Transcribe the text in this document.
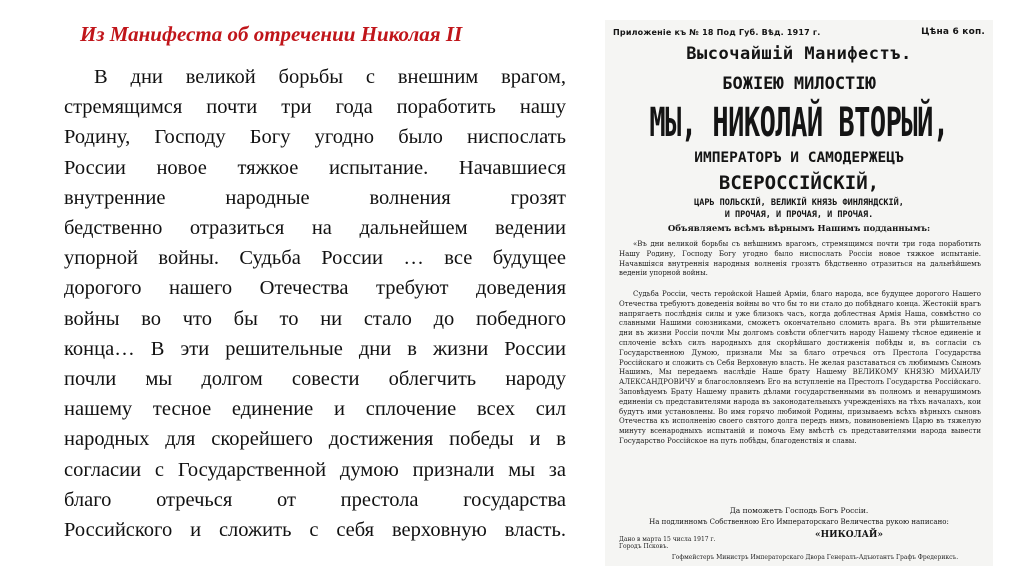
Из Манифеста об отречении Николая II
В дни великой борьбы с внешним врагом,
стремящимся почти три года поработить нашу
Родину, Господу Богу угодно было ниспослать
России новое тяжкое испытание. Начавшиеся
внутренние народные волнения грозят
бедственно отразиться на дальнейшем ведении
упорной войны. Судьба России … все будущее
дорогого нашего Отечества требуют доведения
войны во что бы то ни стало до победного
конца… В эти решительные дни в жизни России
почли мы долгом совести облегчить народу
нашему тесное единение и сплочение всех сил
народных для скорейшего достижения победы и в
согласии с Государственной думою признали мы за
благо отречься от престола государства
Российского и сложить с себя верховную власть.
Приложенiе къ № 18 Под Губ. Вѣд. 1917 г.	Цѣна 6 коп.
Высочайшiй Манифестъ.
БОЖIЕЮ МИЛОСТIЮ
МЫ, НИКОЛАЙ ВТОРЫЙ,
ИМПЕРАТОРЪ И САМОДЕРЖЕЦЪ
ВСЕРОССIЙСКIЙ,
ЦАРЬ ПОЛЬСКIЙ, ВЕЛИКIЙ КНЯЗЬ ФИНЛЯНДСКIЙ,
И ПРОЧАЯ, И ПРОЧАЯ, И ПРОЧАЯ.
Объявляемъ всѣмъ вѣрнымъ Нашимъ подданнымъ:
«Въ дни великой борьбы съ внѣшнимъ врагомъ, стремящимся почти три года поработить Нашу Родину, Господу Богу угодно было ниспослать Россiи новое тяжкое испытанiе. Начавшiяся внутреннiя народныя волненiя грозятъ бѣдственно отразиться на дальнѣйшемъ веденiи упорной войны.
Судьба Россiи, честь геройской Нашей Армiи, благо народа, все будущее дорогого Нашего Отечества требуютъ доведенiя войны во что бы то ни стало до побѣднаго конца. Жестокiй врагъ напрягаетъ послѣднiя силы и уже близокъ часъ, когда доблестная Армiя Наша, совмѣстно со славными Нашими союзниками, сможетъ окончательно сломить врага. Въ эти рѣшительные дни въ жизни Россiи почли Мы долгомъ совѣсти облегчить народу Нашему тѣсное единенiе и сплоченiе всѣхъ силъ народныхъ для скорѣйшаго достиженiя побѣды и, въ согласiи съ Государственною Думою, признали Мы за благо отречься отъ Престола Государства Россiйскаго и сложить съ Себя Верховную власть. Не желая разставаться съ любимымъ Сыномъ Нашимъ, Мы передаемъ наслѣдiе Наше брату Нашему ВЕЛИКОМУ КНЯЗЮ МИХАИЛУ АЛЕКСАНДРОВИЧУ и благословляемъ Его на вступленiе на Престолъ Государства Россiйскаго. Заповѣдуемъ Брату Нашему править дѣлами государственными въ полномъ и ненарушимомъ единенiи съ представителями народа въ законодательныхъ учрежденiяхъ на тѣхъ началахъ, кои будутъ ими установлены. Во имя горячо любимой Родины, призываемъ всѣхъ вѣрныхъ сыновъ Отечества къ исполненiю своего святого долга передъ нимъ, повиновенiемъ Царю въ тяжелую минуту всенародныхъ испытанiй и помочь Ему вмѣстѣ съ представителями народа вывести Государство Россiйское на путь побѣды, благоденствiя и славы.
Да поможетъ Господь Богъ Россiи.
На подлинномъ Собственною Его Императорскаго Величества рукою написано:
«НИКОЛАЙ»
Дано в марта 15 числа 1917 г. Городъ Псковъ.
Гофмейстеръ Министръ Императорскаго Двора Генералъ-Адъютантъ Графъ Фредериксъ.
